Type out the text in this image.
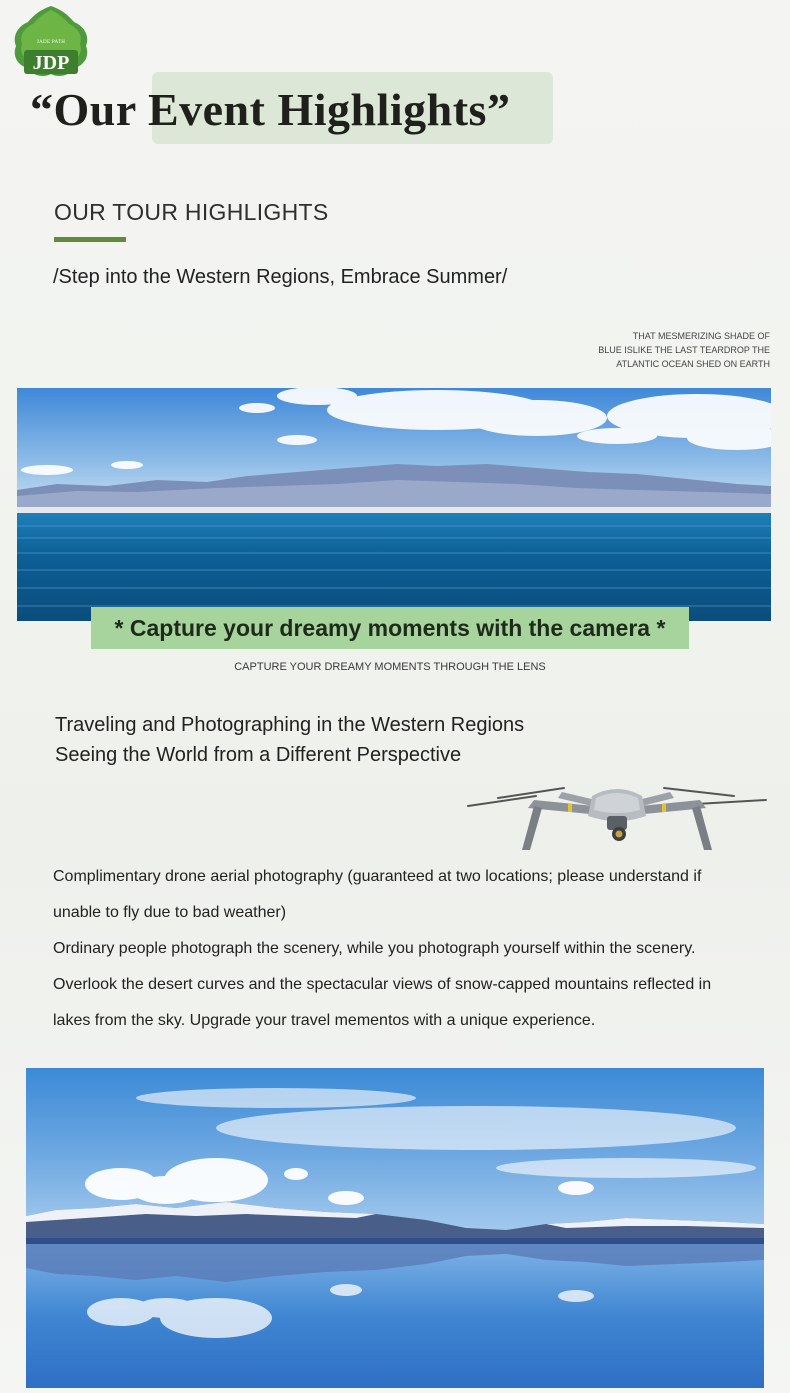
JDP
JADE PATH
“Our Event Highlights”
OUR TOUR HIGHLIGHTS
/Step into the Western Regions, Embrace Summer/
THAT MESMERIZING SHADE OF
BLUE ISLIKE THE LAST TEARDROP THE
ATLANTIC OCEAN SHED ON EARTH
* Capture your dreamy moments with the camera *
CAPTURE YOUR DREAMY MOMENTS THROUGH THE LENS
Traveling and Photographing in the Western Regions
Seeing the World from a Different Perspective

Complimentary drone aerial photography (guaranteed at two locations; please understand if unable to fly due to bad weather)

Ordinary people photograph the scenery, while you photograph yourself within the scenery. Overlook the desert curves and the spectacular views of snow-capped mountains reflected in lakes from the sky. Upgrade your travel mementos with a unique experience.
